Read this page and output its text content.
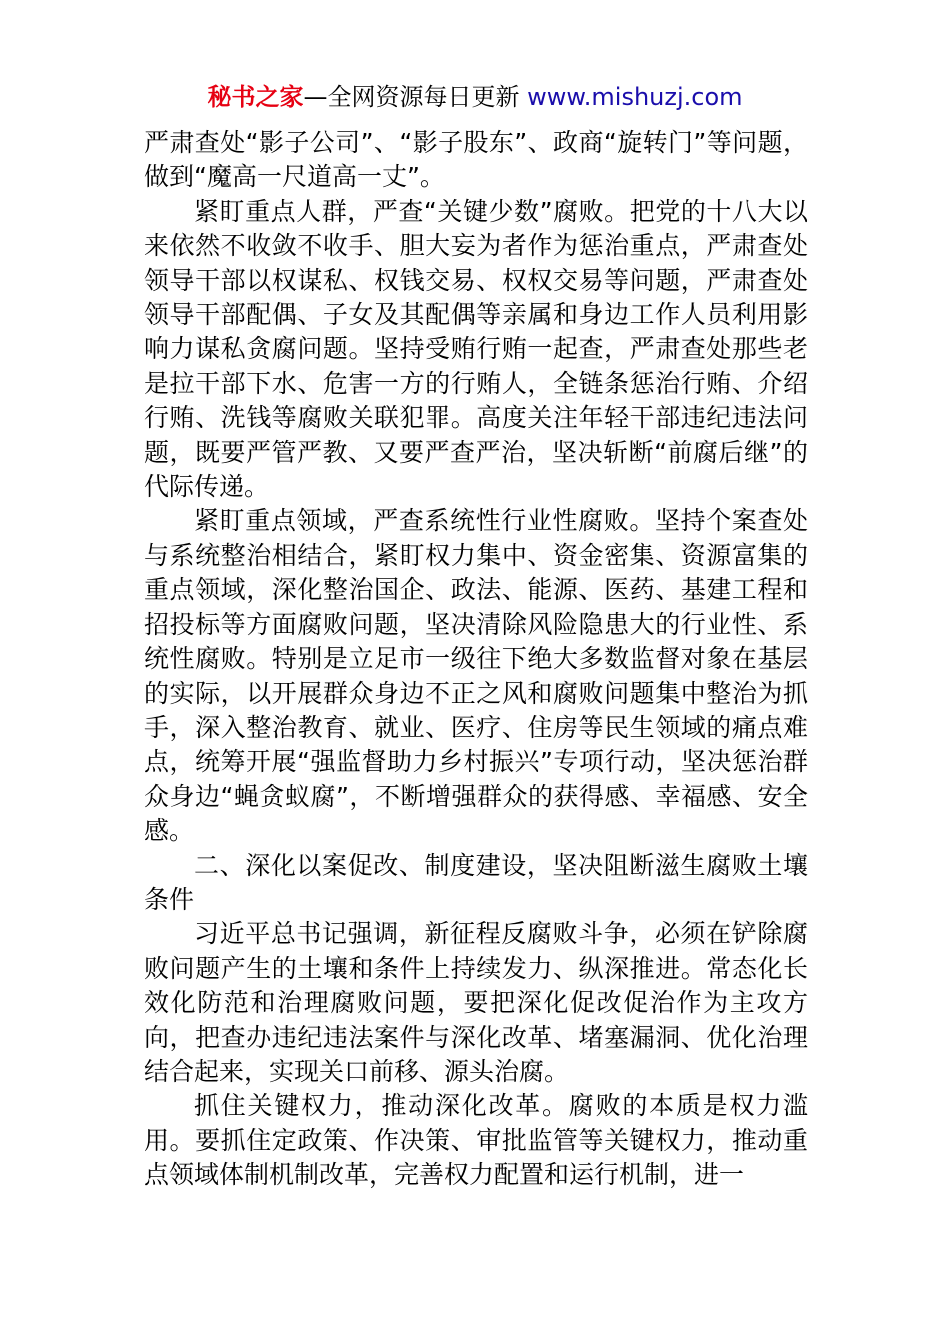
秘书之家—全网资源每日更新 www.mishuzj.com

严肃查处“影子公司”、“影子股东”、政商“旋转门”等问题，做到“魔高一尺道高一丈”。

紧盯重点人群，严查“关键少数”腐败。把党的十八大以来依然不收敛不收手、胆大妄为者作为惩治重点，严肃查处领导干部以权谋私、权钱交易、权权交易等问题，严肃查处领导干部配偶、子女及其配偶等亲属和身边工作人员利用影响力谋私贪腐问题。坚持受贿行贿一起查，严肃查处那些老是拉干部下水、危害一方的行贿人，全链条惩治行贿、介绍行贿、洗钱等腐败关联犯罪。高度关注年轻干部违纪违法问题，既要严管严教、又要严查严治，坚决斩断“前腐后继”的代际传递。

紧盯重点领域，严查系统性行业性腐败。坚持个案查处与系统整治相结合，紧盯权力集中、资金密集、资源富集的重点领域，深化整治国企、政法、能源、医药、基建工程和招投标等方面腐败问题，坚决清除风险隐患大的行业性、系统性腐败。特别是立足市一级往下绝大多数监督对象在基层的实际，以开展群众身边不正之风和腐败问题集中整治为抓手，深入整治教育、就业、医疗、住房等民生领域的痛点难点，统筹开展“强监督助力乡村振兴”专项行动，坚决惩治群众身边“蝇贪蚁腐”，不断增强群众的获得感、幸福感、安全感。

二、深化以案促改、制度建设，坚决阻断滋生腐败土壤条件

习近平总书记强调，新征程反腐败斗争，必须在铲除腐败问题产生的土壤和条件上持续发力、纵深推进。常态化长效化防范和治理腐败问题，要把深化促改促治作为主攻方向，把查办违纪违法案件与深化改革、堵塞漏洞、优化治理结合起来，实现关口前移、源头治腐。

抓住关键权力，推动深化改革。腐败的本质是权力滥用。要抓住定政策、作决策、审批监管等关键权力，推动重点领域体制机制改革，完善权力配置和运行机制，进一
